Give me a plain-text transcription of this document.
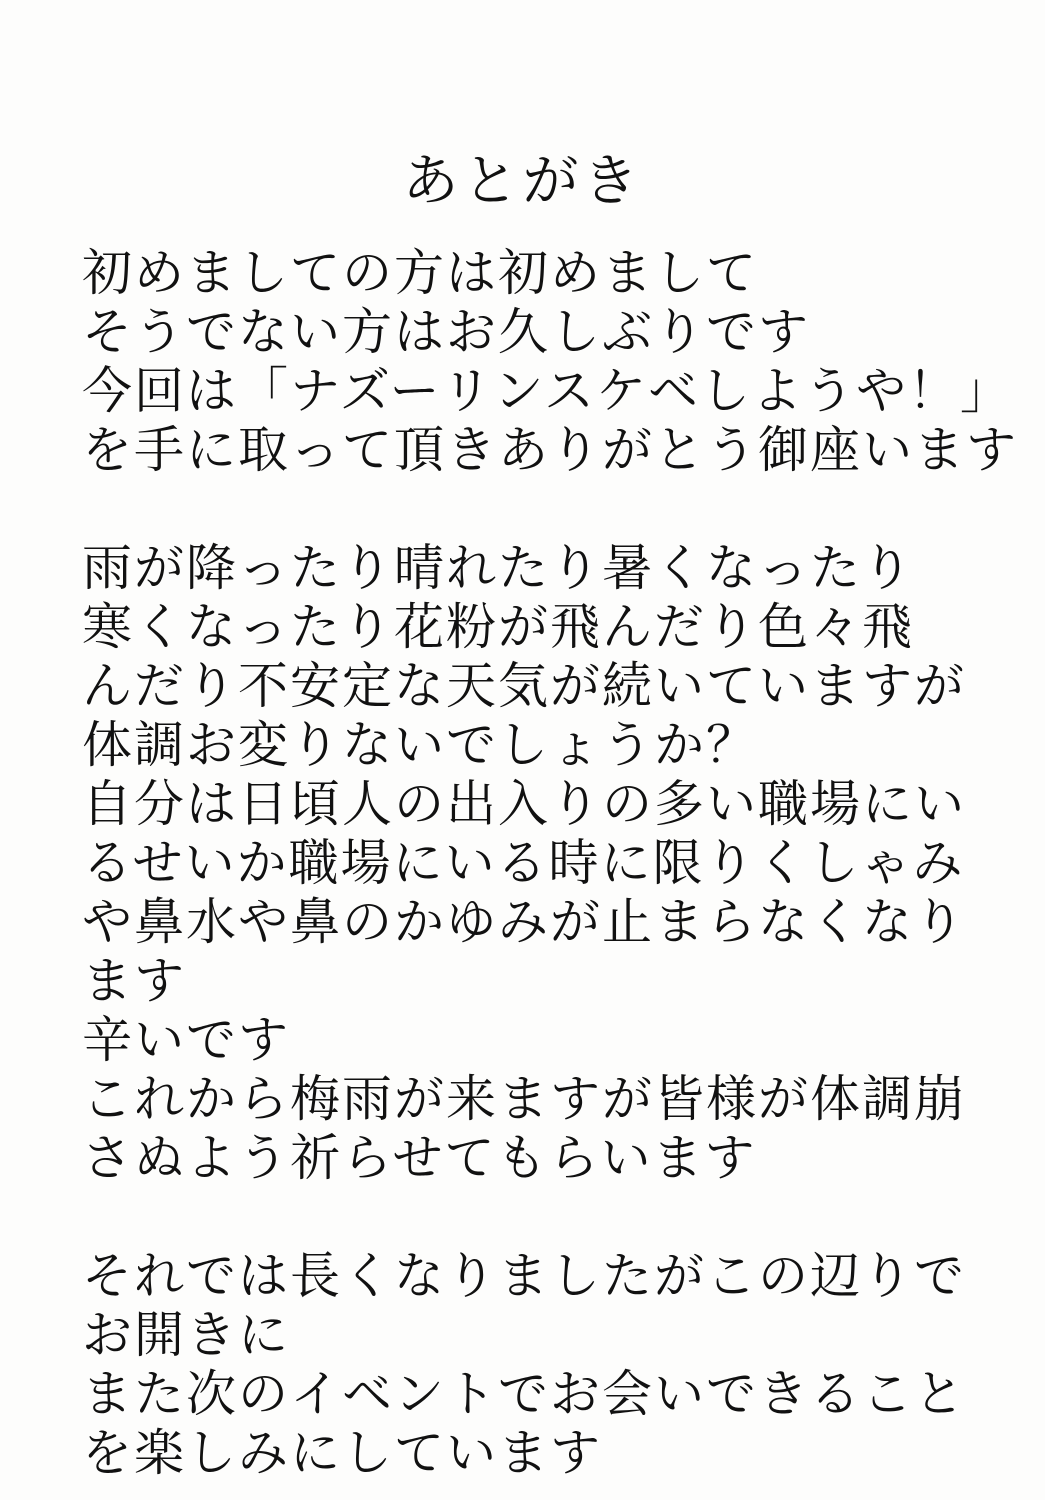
あとがき
初めましての方は初めまして
そうでない方はお久しぶりです
今回は「ナズーリンスケベしようや！」
を手に取って頂きありがとう御座います
雨が降ったり晴れたり暑くなったり
寒くなったり花粉が飛んだり色々飛
んだり不安定な天気が続いていますが
体調お変りないでしょうか？
自分は日頃人の出入りの多い職場にい
るせいか職場にいる時に限りくしゃみ
や鼻水や鼻のかゆみが止まらなくなり
ます
辛いです
これから梅雨が来ますが皆様が体調崩
さぬよう祈らせてもらいます
それでは長くなりましたがこの辺りで
お開きに
また次のイベントでお会いできること
を楽しみにしています
